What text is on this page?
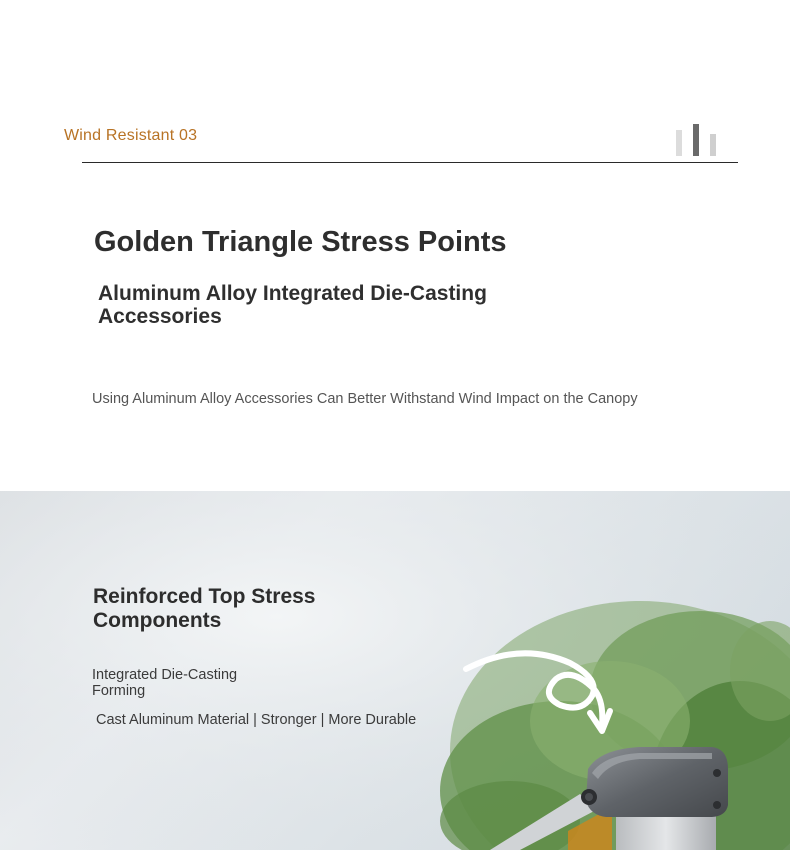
Wind Resistant 03
Golden Triangle Stress Points
Aluminum Alloy Integrated Die-Casting Accessories
Using Aluminum Alloy Accessories Can Better Withstand Wind Impact on the Canopy
Reinforced Top Stress Components
Integrated Die-Casting Forming
Cast Aluminum Material | Stronger | More Durable
